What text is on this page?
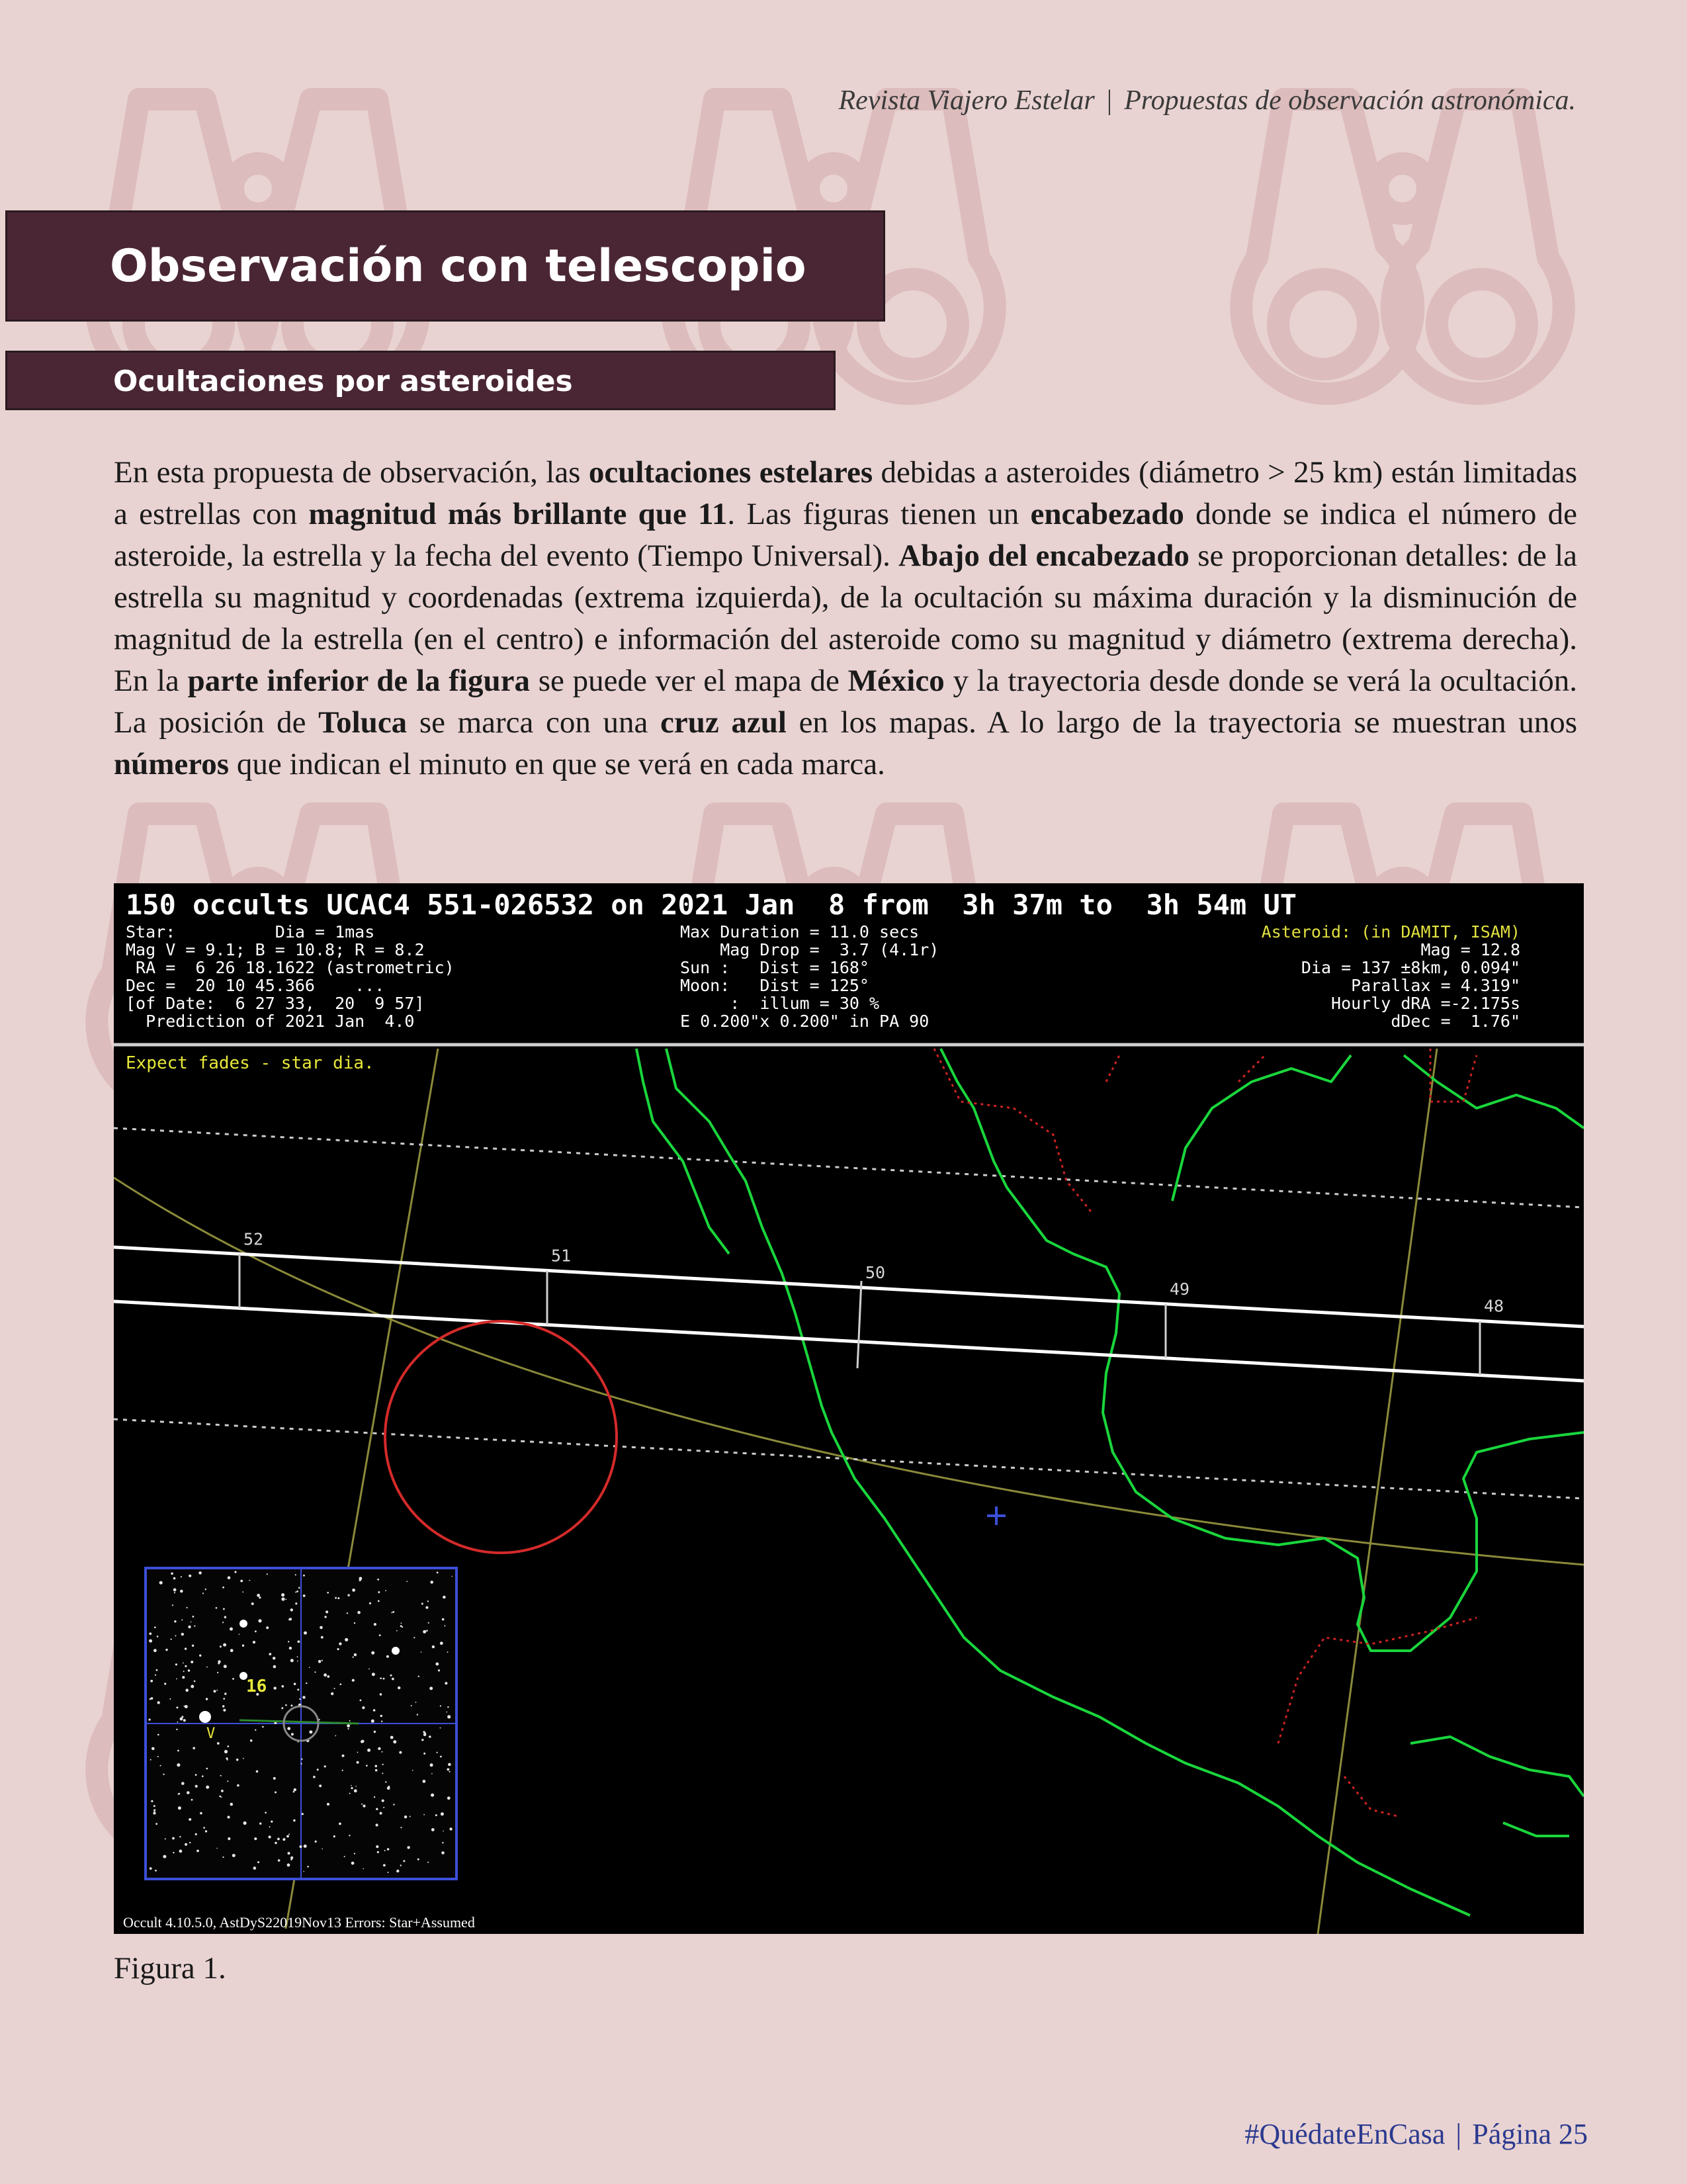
Revista Viajero Estelar | Propuestas de observación astronómica.
Observación con telescopio
Ocultaciones por asteroides

En esta propuesta de observación, las ocultaciones estelares debidas a asteroides (diámetro > 25 km) están limitadas a estrellas con magnitud más brillante que 11. Las figuras tienen un encabezado donde se indica el número de asteroide, la estrella y la fecha del evento (Tiempo Universal). Abajo del encabezado se proporcionan detalles: de la estrella su magnitud y coordenadas (extrema izquierda), de la ocultación su máxima duración y la disminución de magnitud de la estrella (en el centro) e información del asteroide como su magnitud y diámetro (extrema derecha). En la parte inferior de la figura se puede ver el mapa de México y la trayectoria desde donde se verá la ocultación. La posición de Toluca se marca con una cruz azul en los mapas. A lo largo de la trayectoria se muestran unos números que indican el minuto en que se verá en cada marca.

52
51
50
49
48
16
V
150 occults UCAC4 551-026532 on 2021 Jan  8 from  3h 37m to  3h 54m UT
Star:          Dia = 1mas
Mag V = 9.1; B = 10.8; R = 8.2
RA =  6 26 18.1622 (astrometric)
Dec =  20 10 45.366    ...
[of Date:  6 27 33,  20  9 57]
Prediction of 2021 Jan  4.0
Max Duration = 11.0 secs
Mag Drop =  3.7 (4.1r)
Sun :   Dist = 168°
Moon:   Dist = 125°
:  illum = 30 %
E 0.200"x 0.200" in PA 90
Asteroid: (in DAMIT, ISAM)
Mag = 12.8
Dia = 137 ±8km, 0.094"
Parallax = 4.319"
Hourly dRA =-2.175s
dDec =  1.76"
Expect fades - star dia.
Occult 4.10.5.0, AstDyS22019Nov13 Errors: Star+Assumed
Figura 1.
#QuédateEnCasa | Página 25
